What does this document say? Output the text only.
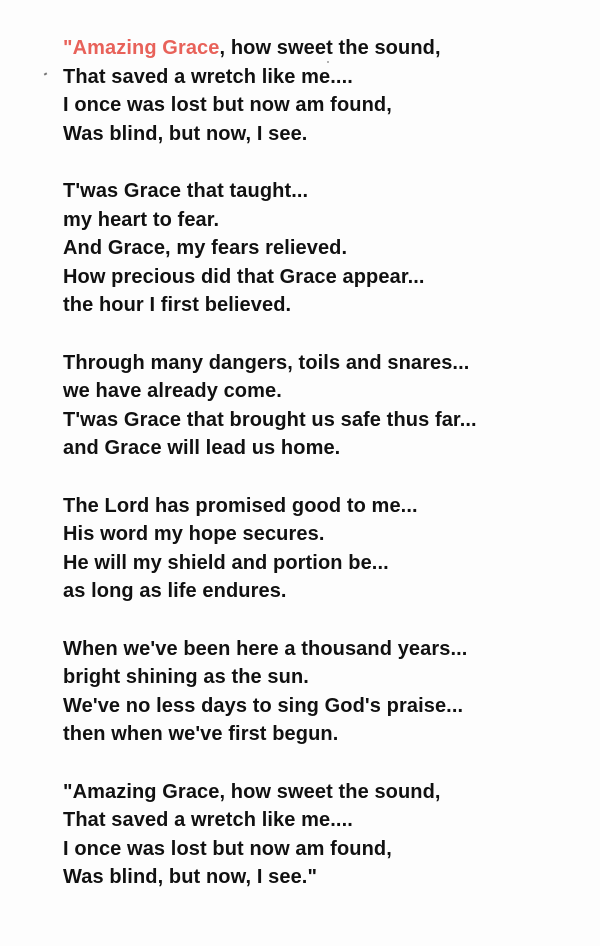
"Amazing Grace, how sweet the sound,
That saved a wretch like me....
I once was lost but now am found,
Was blind, but now, I see.
T'was Grace that taught...
my heart to fear.
And Grace, my fears relieved.
How precious did that Grace appear...
the hour I first believed.
Through many dangers, toils and snares...
we have already come.
T'was Grace that brought us safe thus far...
and Grace will lead us home.
The Lord has promised good to me...
His word my hope secures.
He will my shield and portion be...
as long as life endures.
When we've been here a thousand years...
bright shining as the sun.
We've no less days to sing God's praise...
then when we've first begun.
"Amazing Grace, how sweet the sound,
That saved a wretch like me....
I once was lost but now am found,
Was blind, but now, I see."
